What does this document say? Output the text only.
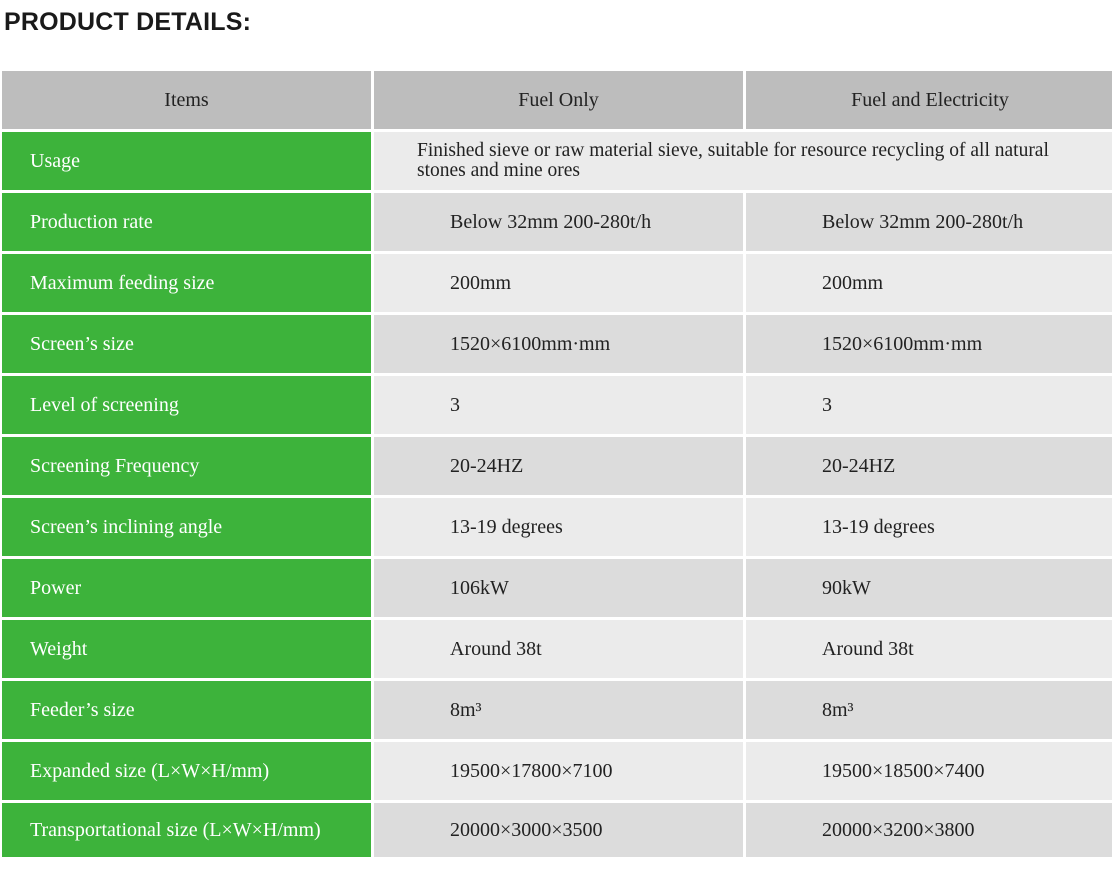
PRODUCT DETAILS:
Items	Fuel Only	Fuel and Electricity
Usage	Finished sieve or raw material sieve, suitable for resource recycling of all natural stones and mine ores	
Production rate	Below 32mm 200-280t/h	Below 32mm 200-280t/h
Maximum feeding size	200mm	200mm
Screen’s size	1520×6100mm·mm	1520×6100mm·mm
Level of screening	3	3
Screening Frequency	20-24HZ	20-24HZ
Screen’s inclining angle	13-19 degrees	13-19 degrees
Power	106kW	90kW
Weight	Around 38t	Around 38t
Feeder’s size	8m³	8m³
Expanded size (L×W×H/mm)	19500×17800×7100	19500×18500×7400
Transportational size (L×W×H/mm)	20000×3000×3500	20000×3200×3800
